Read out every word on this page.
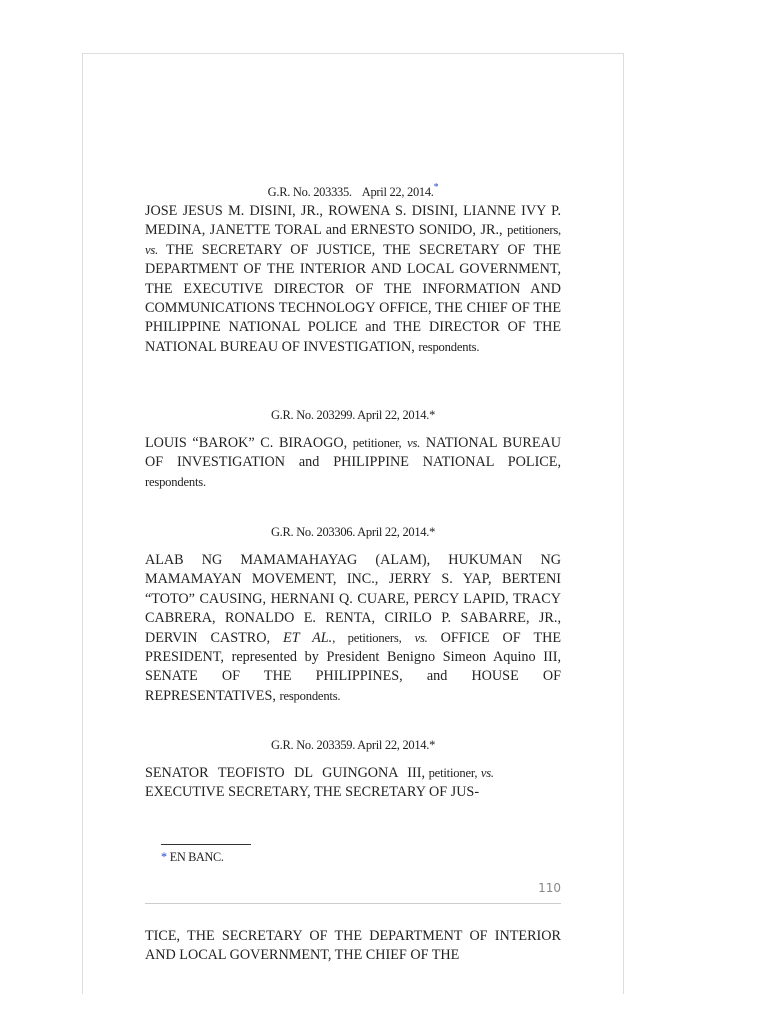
G.R. No. 203335. April 22, 2014.*

JOSE JESUS M. DISINI, JR., ROWENA S. DISINI, LIANNE IVY P. MEDINA, JANETTE TORAL and ERNESTO SONIDO, JR., petitioners, vs. THE SECRETARY OF JUSTICE, THE SECRETARY OF THE DEPARTMENT OF THE INTERIOR AND LOCAL GOVERNMENT, THE EXECUTIVE DIRECTOR OF THE INFORMATION AND COMMUNICATIONS TECHNOLOGY OFFICE, THE CHIEF OF THE PHILIPPINE NATIONAL POLICE and THE DIRECTOR OF THE NATIONAL BUREAU OF INVESTIGATION, respondents.

G.R. No. 203299. April 22, 2014.*

LOUIS “BAROK” C. BIRAOGO, petitioner, vs. NATIONAL BUREAU OF INVESTIGATION and PHILIPPINE NATIONAL POLICE, respondents.

G.R. No. 203306. April 22, 2014.*

ALAB NG MAMAMAHAYAG (ALAM), HUKUMAN NG MAMAMAYAN MOVEMENT, INC., JERRY S. YAP, BERTENI “TOTO” CAUSING, HERNANI Q. CUARE, PERCY LAPID, TRACY CABRERA, RONALDO E. RENTA, CIRILO P. SABARRE, JR., DERVIN CASTRO, ET AL., petitioners, vs. OFFICE OF THE PRESIDENT, represented by President Benigno Simeon Aquino III, SENATE OF THE PHILIPPINES, and HOUSE OF REPRESENTATIVES, respondents.

G.R. No. 203359. April 22, 2014.*

SENATOR TEOFISTO DL GUINGONA III, petitioner, vs.
EXECUTIVE SECRETARY, THE SECRETARY OF JUS-

* EN BANC.
110

TICE, THE SECRETARY OF THE DEPARTMENT OF INTERIOR AND LOCAL GOVERNMENT, THE CHIEF OF THE
